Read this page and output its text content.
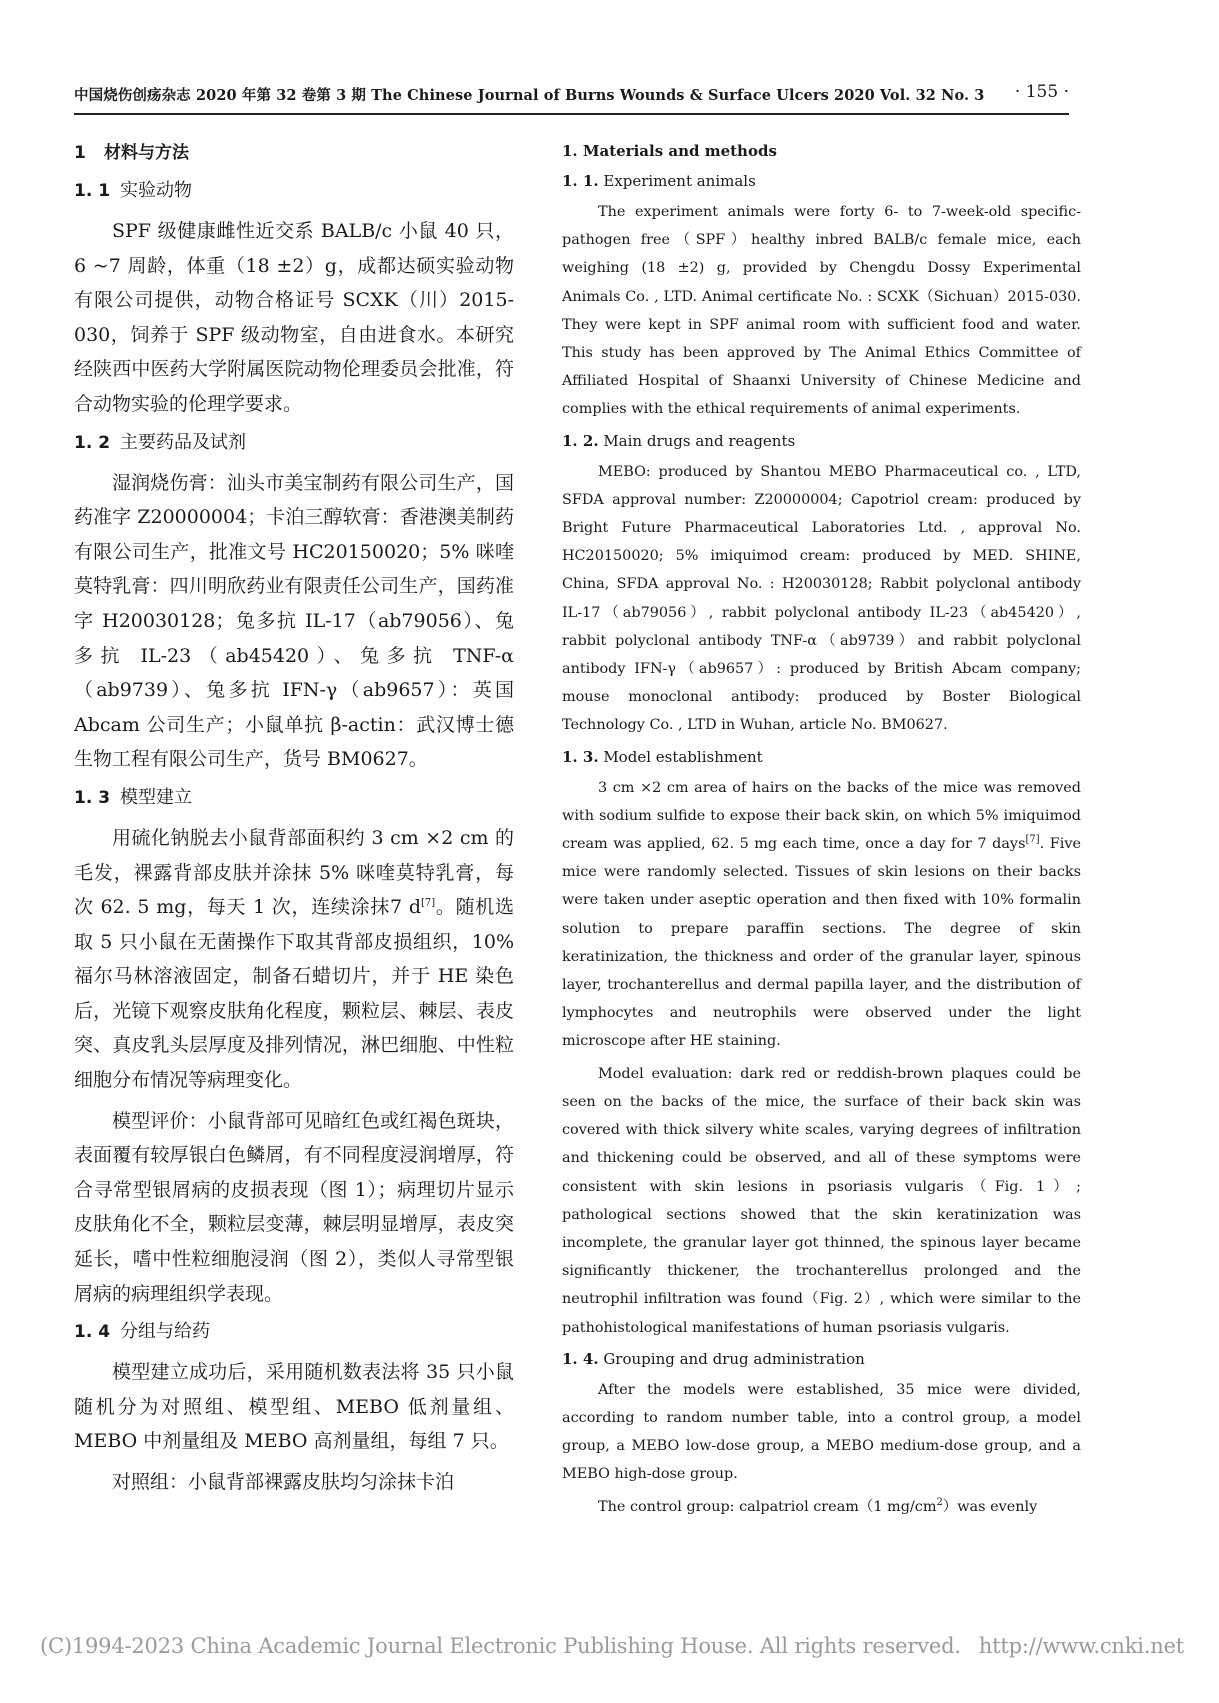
中国烧伤创疡杂志 2020 年第 32 卷第 3 期 The Chinese Journal of Burns Wounds & Surface Ulcers 2020 Vol. 32 No. 3 · 155 ·
1 材料与方法
1. 1 实验动物

SPF 级健康雌性近交系 BALB/c 小鼠 40 只，6 ~7 周龄，体重（18 ±2）g，成都达硕实验动物有限公司提供，动物合格证号 SCXK（川）2015-030，饲养于 SPF 级动物室，自由进食水。本研究经陕西中医药大学附属医院动物伦理委员会批准，符合动物实验的伦理学要求。

1. 2 主要药品及试剂

湿润烧伤膏：汕头市美宝制药有限公司生产，国药准字 Z20000004；卡泊三醇软膏：香港澳美制药有限公司生产，批准文号 HC20150020；5% 咪喹莫特乳膏：四川明欣药业有限责任公司生产，国药准字 H20030128；兔多抗 IL-17（ab79056）、兔多抗 IL-23（ab45420）、兔多抗 TNF-α（ab9739）、兔多抗 IFN-γ（ab9657）：英国 Abcam 公司生产；小鼠单抗 β-actin：武汉博士德生物工程有限公司生产，货号 BM0627。

1. 3 模型建立

用硫化钠脱去小鼠背部面积约 3 cm ×2 cm 的毛发，裸露背部皮肤并涂抹 5% 咪喹莫特乳膏，每次 62. 5 mg，每天 1 次，连续涂抹7 d[7]。随机选取 5 只小鼠在无菌操作下取其背部皮损组织，10% 福尔马林溶液固定，制备石蜡切片，并于 HE 染色后，光镜下观察皮肤角化程度，颗粒层、棘层、表皮突、真皮乳头层厚度及排列情况，淋巴细胞、中性粒细胞分布情况等病理变化。

模型评价：小鼠背部可见暗红色或红褐色斑块，表面覆有较厚银白色鳞屑，有不同程度浸润增厚，符合寻常型银屑病的皮损表现（图 1）；病理切片显示皮肤角化不全，颗粒层变薄，棘层明显增厚，表皮突延长，嗜中性粒细胞浸润（图 2），类似人寻常型银屑病的病理组织学表现。

1. 4 分组与给药

模型建立成功后，采用随机数表法将 35 只小鼠随机分为对照组、模型组、MEBO 低剂量组、MEBO 中剂量组及 MEBO 高剂量组，每组 7 只。

对照组：小鼠背部裸露皮肤均匀涂抹卡泊

1. Materials and methods
1. 1. Experiment animals

The experiment animals were forty 6- to 7-week-old specific-pathogen free（SPF）healthy inbred BALB/c female mice, each weighing (18 ±2) g, provided by Chengdu Dossy Experimental Animals Co. , LTD. Animal certificate No. : SCXK（Sichuan）2015-030. They were kept in SPF animal room with sufficient food and water. This study has been approved by The Animal Ethics Committee of Affiliated Hospital of Shaanxi University of Chinese Medicine and complies with the ethical requirements of animal experiments.

1. 2. Main drugs and reagents

MEBO: produced by Shantou MEBO Pharmaceutical co. , LTD, SFDA approval number: Z20000004; Capotriol cream: produced by Bright Future Pharmaceutical Laboratories Ltd. , approval No. HC20150020; 5% imiquimod cream: produced by MED. SHINE, China, SFDA approval No. : H20030128; Rabbit polyclonal antibody IL-17（ab79056）, rabbit polyclonal antibody IL-23（ab45420）, rabbit polyclonal antibody TNF-α（ab9739）and rabbit polyclonal antibody IFN-γ（ab9657）: produced by British Abcam company; mouse monoclonal antibody: produced by Boster Biological Technology Co. , LTD in Wuhan, article No. BM0627.

1. 3. Model establishment

3 cm ×2 cm area of hairs on the backs of the mice was removed with sodium sulfide to expose their back skin, on which 5% imiquimod cream was applied, 62. 5 mg each time, once a day for 7 days[7]. Five mice were randomly selected. Tissues of skin lesions on their backs were taken under aseptic operation and then fixed with 10% formalin solution to prepare paraffin sections. The degree of skin keratinization, the thickness and order of the granular layer, spinous layer, trochanterellus and dermal papilla layer, and the distribution of lymphocytes and neutrophils were observed under the light microscope after HE staining.

Model evaluation: dark red or reddish-brown plaques could be seen on the backs of the mice, the surface of their back skin was covered with thick silvery white scales, varying degrees of infiltration and thickening could be observed, and all of these symptoms were consistent with skin lesions in psoriasis vulgaris（Fig. 1）; pathological sections showed that the skin keratinization was incomplete, the granular layer got thinned, the spinous layer became significantly thickener, the trochanterellus prolonged and the neutrophil infiltration was found（Fig. 2）, which were similar to the pathohistological manifestations of human psoriasis vulgaris.

1. 4. Grouping and drug administration

After the models were established, 35 mice were divided, according to random number table, into a control group, a model group, a MEBO low-dose group, a MEBO medium-dose group, and a MEBO high-dose group.

The control group: calpatriol cream（1 $mg/cm^2)was$ evenly

(C)1994-2023 China Academic Journal Electronic Publishing House. All rights reserved. http://www.cnki.net
